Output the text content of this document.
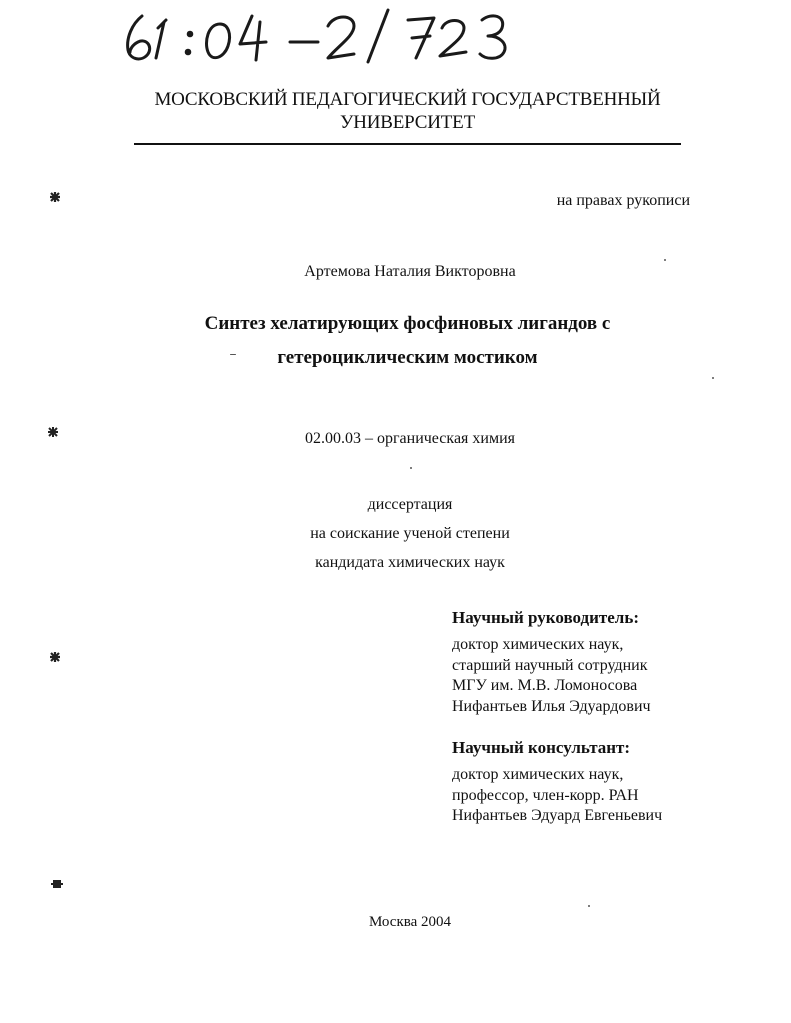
МОСКОВСКИЙ ПЕДАГОГИЧЕСКИЙ ГОСУДАРСТВЕННЫЙ
УНИВЕРСИТЕТ
на правах рукописи
Артемова Наталия Викторовна
Синтез хелатирующих фосфиновых лигандов с
гетероциклическим мостиком
02.00.03 – органическая химия
диссертация
на соискание ученой степени
кандидата химических наук
Научный руководитель:
доктор химических наук,
старший научный сотрудник
МГУ им. М.В. Ломоносова
Нифантьев Илья Эдуардович
Научный консультант:
доктор химических наук,
профессор, член-корр. РАН
Нифантьев Эдуард Евгеньевич
Москва 2004
